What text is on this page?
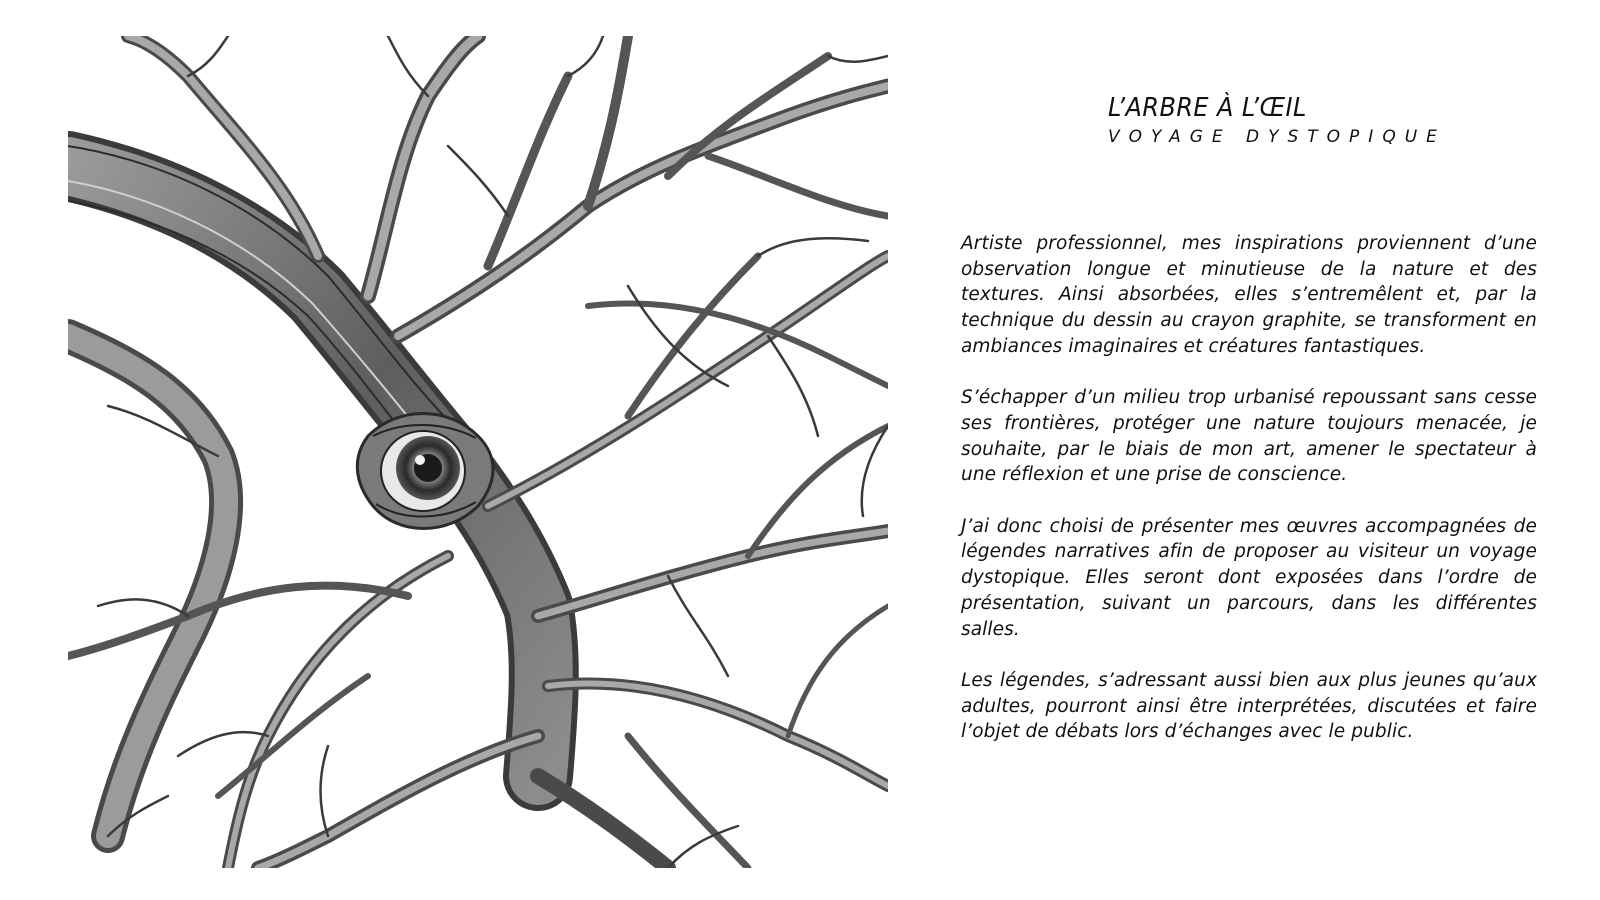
L’ARBRE À L’ŒIL
VOYAGE DYSTOPIQUE

Artiste professionnel, mes inspirations proviennent d’une observation longue et minutieuse de la nature et des textures. Ainsi absorbées, elles s’entremêlent et, par la technique du dessin au crayon graphite, se transforment en ambiances imaginaires et créatures fantastiques.

S’échapper d’un milieu trop urbanisé repoussant sans cesse ses frontières, protéger une nature toujours menacée, je souhaite, par le biais de mon art, amener le spectateur à une réflexion et une prise de conscience.

J’ai donc choisi de présenter mes œuvres accompagnées de légendes narratives afin de proposer au visiteur un voyage dystopique. Elles seront dont exposées dans l’ordre de présentation, suivant un parcours, dans les différentes salles.

Les légendes, s’adressant aussi bien aux plus jeunes qu’aux adultes, pourront ainsi être interprétées, discutées et faire l’objet de débats lors d’échanges avec le public.
